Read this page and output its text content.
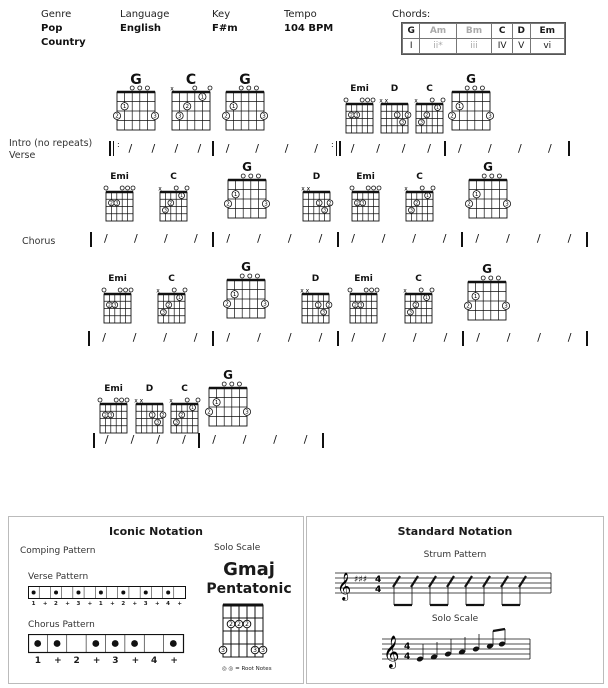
Genre
Pop
Country
Language
English
Key
F#m
Tempo
104 BPM
Chords:
G	Am	Bm	C	D	Em
I	ii*	iii	IV	V	vi
Intro (no repeats)
Verse
Chorus
1
2	3
G
x
1
2
3
C
1
2	3
G
2 3
Emi
x x
1 2
3
D
x
1
2
3
C
1
2	3
G
2 3
Emi
x
1
2
3
C
1
2	3
G
x x
1 2
3
D
2 3
Emi
x
1
2
3
C
1
2	3
G
2 3
Emi
x
1
2
3
C
1
2	3
G
x x
1 2
3
D
2 3
Emi
x
1
2
3
C
1
2	3
G
2 3
Emi
x x
1 2
3
D
x
1
2
3
C
1
2	3
G
: / / / / / / / / : / / / / / / / /
/ / / /	/ / / /	/ / / /	/ / / /
/ / / /	/ / / /	/ / / /	/ / / /
/ / / / / / / /
Iconic Notation
Comping Pattern	Solo Scale
Verse Pattern
Chorus Pattern
1 + 2 + 3 + 1 + 2 + 3 + 4 +
1 + 2 + 3 + 4 +
Gmaj
Pentatonic
2 2 2
3	3 3
◎ ◎ = Root Notes
Standard Notation
Strum Pattern
𝄞 ♯♯♯ 4
4
Solo Scale
𝄞 4
4
